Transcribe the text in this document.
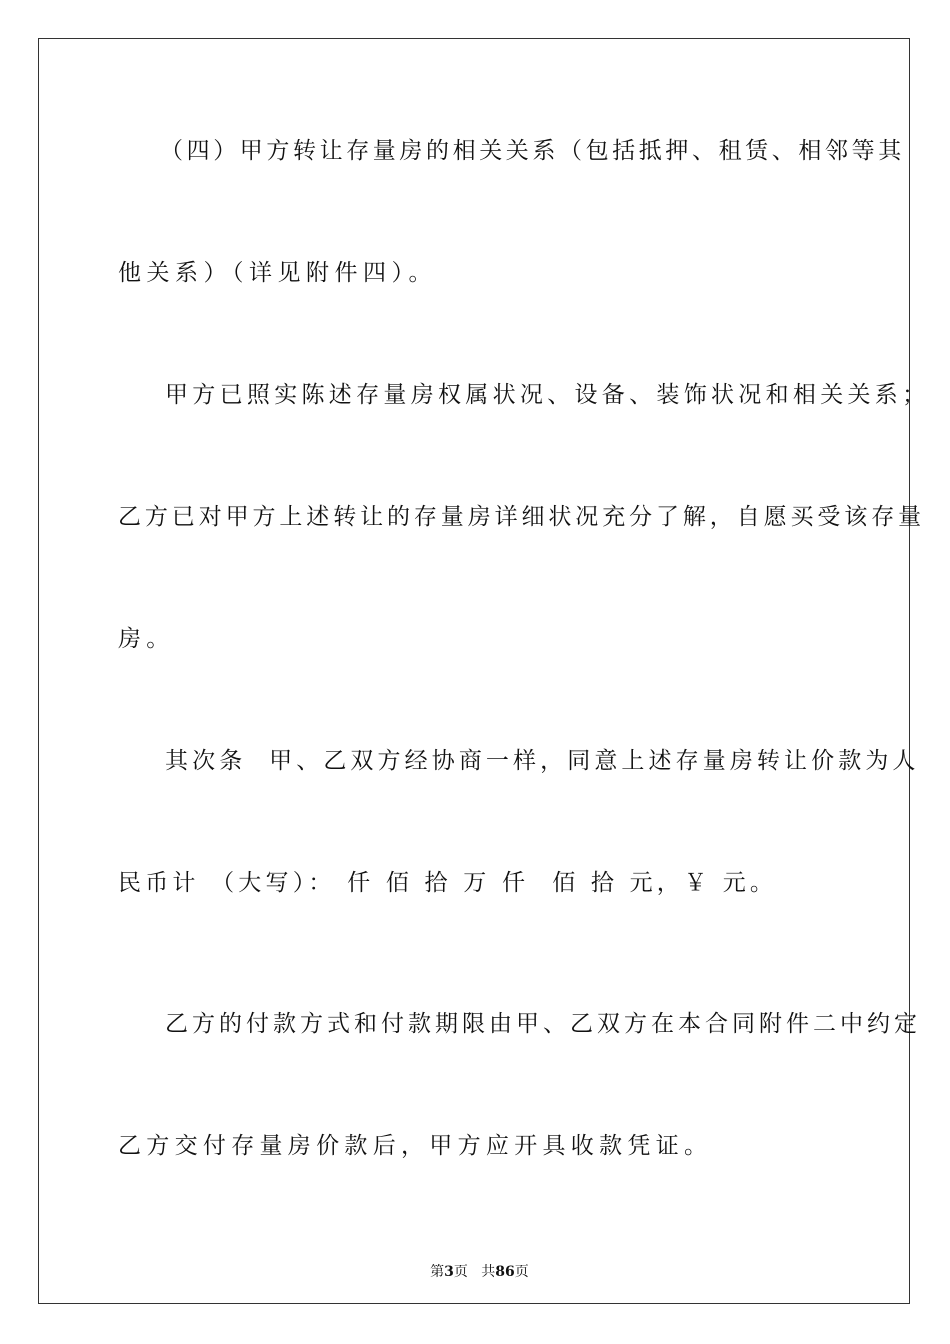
（四）甲方转让存量房的相关关系（包括抵押、租赁、相邻等其
他关系）（详见附件四）。
甲方已照实陈述存量房权属状况、设备、装饰状况和相关关系；
乙方已对甲方上述转让的存量房详细状况充分了解，自愿买受该存量
房。
其次条  甲、乙双方经协商一样，同意上述存量房转让价款为人
民币计 （大写）： 仟 佰 拾 万 仟  佰 拾 元，￥ 元。
乙方的付款方式和付款期限由甲、乙双方在本合同附件二中约定
乙方交付存量房价款后，甲方应开具收款凭证。

第3页 共86页
